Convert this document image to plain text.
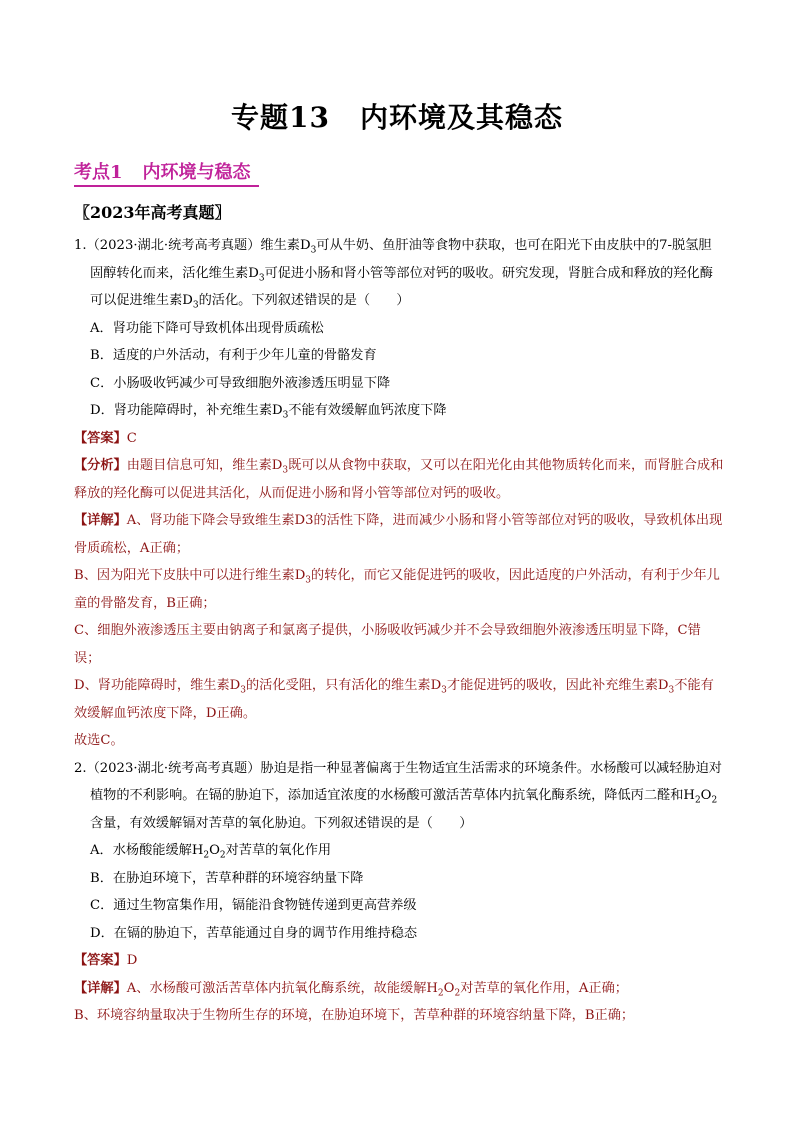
专题13 内环境及其稳态
考点1 内环境与稳态
〖2023年高考真题〗
1.（2023·湖北·统考高考真题）维生素$D_3$可从牛奶、鱼肝油等食物中获取，也可在阳光下由皮肤中的7-脱氢胆固醇转化而来，活化维生素$D_3$可促进小肠和肾小管等部位对钙的吸收。研究发现，肾脏合成和释放的羟化酶可以促进维生素$D_3$的活化。下列叙述错误的是（　　）
A．肾功能下降可导致机体出现骨质疏松
B．适度的户外活动，有利于少年儿童的骨骼发育
C．小肠吸收钙减少可导致细胞外液渗透压明显下降
D．肾功能障碍时，补充维生素$D_3$不能有效缓解血钙浓度下降
【答案】C
【分析】由题目信息可知，维生素$D_3$既可以从食物中获取，又可以在阳光化由其他物质转化而来，而肾脏合成和释放的羟化酶可以促进其活化，从而促进小肠和肾小管等部位对钙的吸收。
【详解】A、肾功能下降会导致维生素D3的活性下降，进而减少小肠和肾小管等部位对钙的吸收，导致机体出现骨质疏松，A正确；
B、因为阳光下皮肤中可以进行维生素$D_3$的转化，而它又能促进钙的吸收，因此适度的户外活动，有利于少年儿童的骨骼发育，B正确；
C、细胞外液渗透压主要由钠离子和氯离子提供，小肠吸收钙减少并不会导致细胞外液渗透压明显下降，C错误；
D、肾功能障碍时，维生素$D_3$的活化受阻，只有活化的维生素$D_3$才能促进钙的吸收，因此补充维生素$D_3$不能有效缓解血钙浓度下降，D正确。
故选C。
2.（2023·湖北·统考高考真题）胁迫是指一种显著偏离于生物适宜生活需求的环境条件。水杨酸可以减轻胁迫对植物的不利影响。在镉的胁迫下，添加适宜浓度的水杨酸可激活苦草体内抗氧化酶系统，降低丙二醛和$H_2O_2$含量，有效缓解镉对苦草的氧化胁迫。下列叙述错误的是（　　）
A．水杨酸能缓解$H_2O_2$对苦草的氧化作用
B．在胁迫环境下，苦草种群的环境容纳量下降
C．通过生物富集作用，镉能沿食物链传递到更高营养级
D．在镉的胁迫下，苦草能通过自身的调节作用维持稳态
【答案】D
【详解】A、水杨酸可激活苦草体内抗氧化酶系统，故能缓解$H_2O_2$对苦草的氧化作用，A正确；
B、环境容纳量取决于生物所生存的环境，在胁迫环境下，苦草种群的环境容纳量下降，B正确；
